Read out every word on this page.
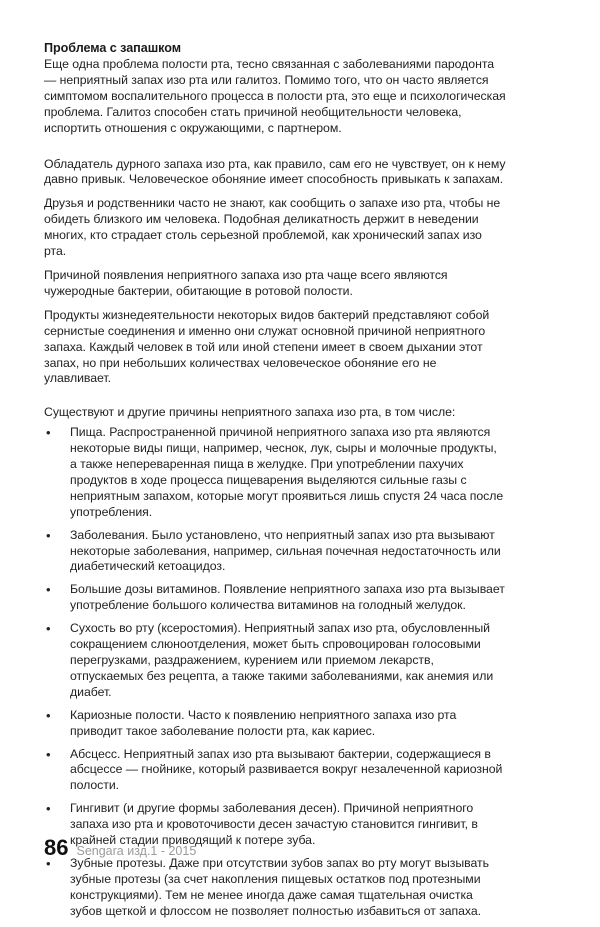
Проблема с запашком

Еще одна проблема полости рта, тесно связанная с заболеваниями пародонта — неприятный запах изо рта или галитоз. Помимо того, что он часто является симптомом воспалительного процесса в полости рта, это еще и психологическая проблема. Галитоз способен стать причиной необщительности человека, испортить отношения с окружающими, с партнером.

Обладатель дурного запаха изо рта, как правило, сам его не чувствует, он к нему давно привык. Человеческое обоняние имеет способность привыкать к запахам.

Друзья и родственники часто не знают, как сообщить о запахе изо рта, чтобы не обидеть близкого им человека. Подобная деликатность держит в неведении многих, кто страдает столь серьезной проблемой, как хронический запах изо рта.

Причиной появления неприятного запаха изо рта чаще всего являются чужеродные бактерии, обитающие в ротовой полости.

Продукты жизнедеятельности некоторых видов бактерий представляют собой сернистые соединения и именно они служат основной причиной неприятного запаха. Каждый человек в той или иной степени имеет в своем дыхании этот запах, но при небольших количествах человеческое обоняние его не улавливает.

Существуют и другие причины неприятного запаха изо рта, в том числе:

• Пища. Распространенной причиной неприятного запаха изо рта являются некоторые виды пищи, например, чеснок, лук, сыры и молочные продукты, а также непереваренная пища в желудке. При употреблении пахучих продуктов в ходе процесса пищеварения выделяются сильные газы с неприятным запахом, которые могут проявиться лишь спустя 24 часа после употребления.
• Заболевания. Было установлено, что неприятный запах изо рта вызывают некоторые заболевания, например, сильная почечная недостаточность или диабетический кетоацидоз.
• Большие дозы витаминов. Появление неприятного запаха изо рта вызывает употребление большого количества витаминов на голодный желудок.
• Сухость во рту (ксеростомия). Неприятный запах изо рта, обусловленный сокращением слюноотделения, может быть спровоцирован голосовыми перегрузками, раздражением, курением или приемом лекарств, отпускаемых без рецепта, а также такими заболеваниями, как анемия или диабет.
• Кариозные полости. Часто к появлению неприятного запаха изо рта приводит такое заболевание полости рта, как кариес.
• Абсцесс. Неприятный запах изо рта вызывают бактерии, содержащиеся в абсцессе — гнойнике, который развивается вокруг незалеченной кариозной полости.
• Гингивит (и другие формы заболевания десен). Причиной неприятного запаха изо рта и кровоточивости десен зачастую становится гингивит, в крайней стадии приводящий к потере зуба.
• Зубные протезы. Даже при отсутствии зубов запах во рту могут вызывать зубные протезы (за счет накопления пищевых остатков под протезными конструкциями). Тем не менее иногда даже самая тщательная очистка зубов щеткой и флоссом не позволяет полностью избавиться от запаха.
86 Sengara изд.1 - 2015
